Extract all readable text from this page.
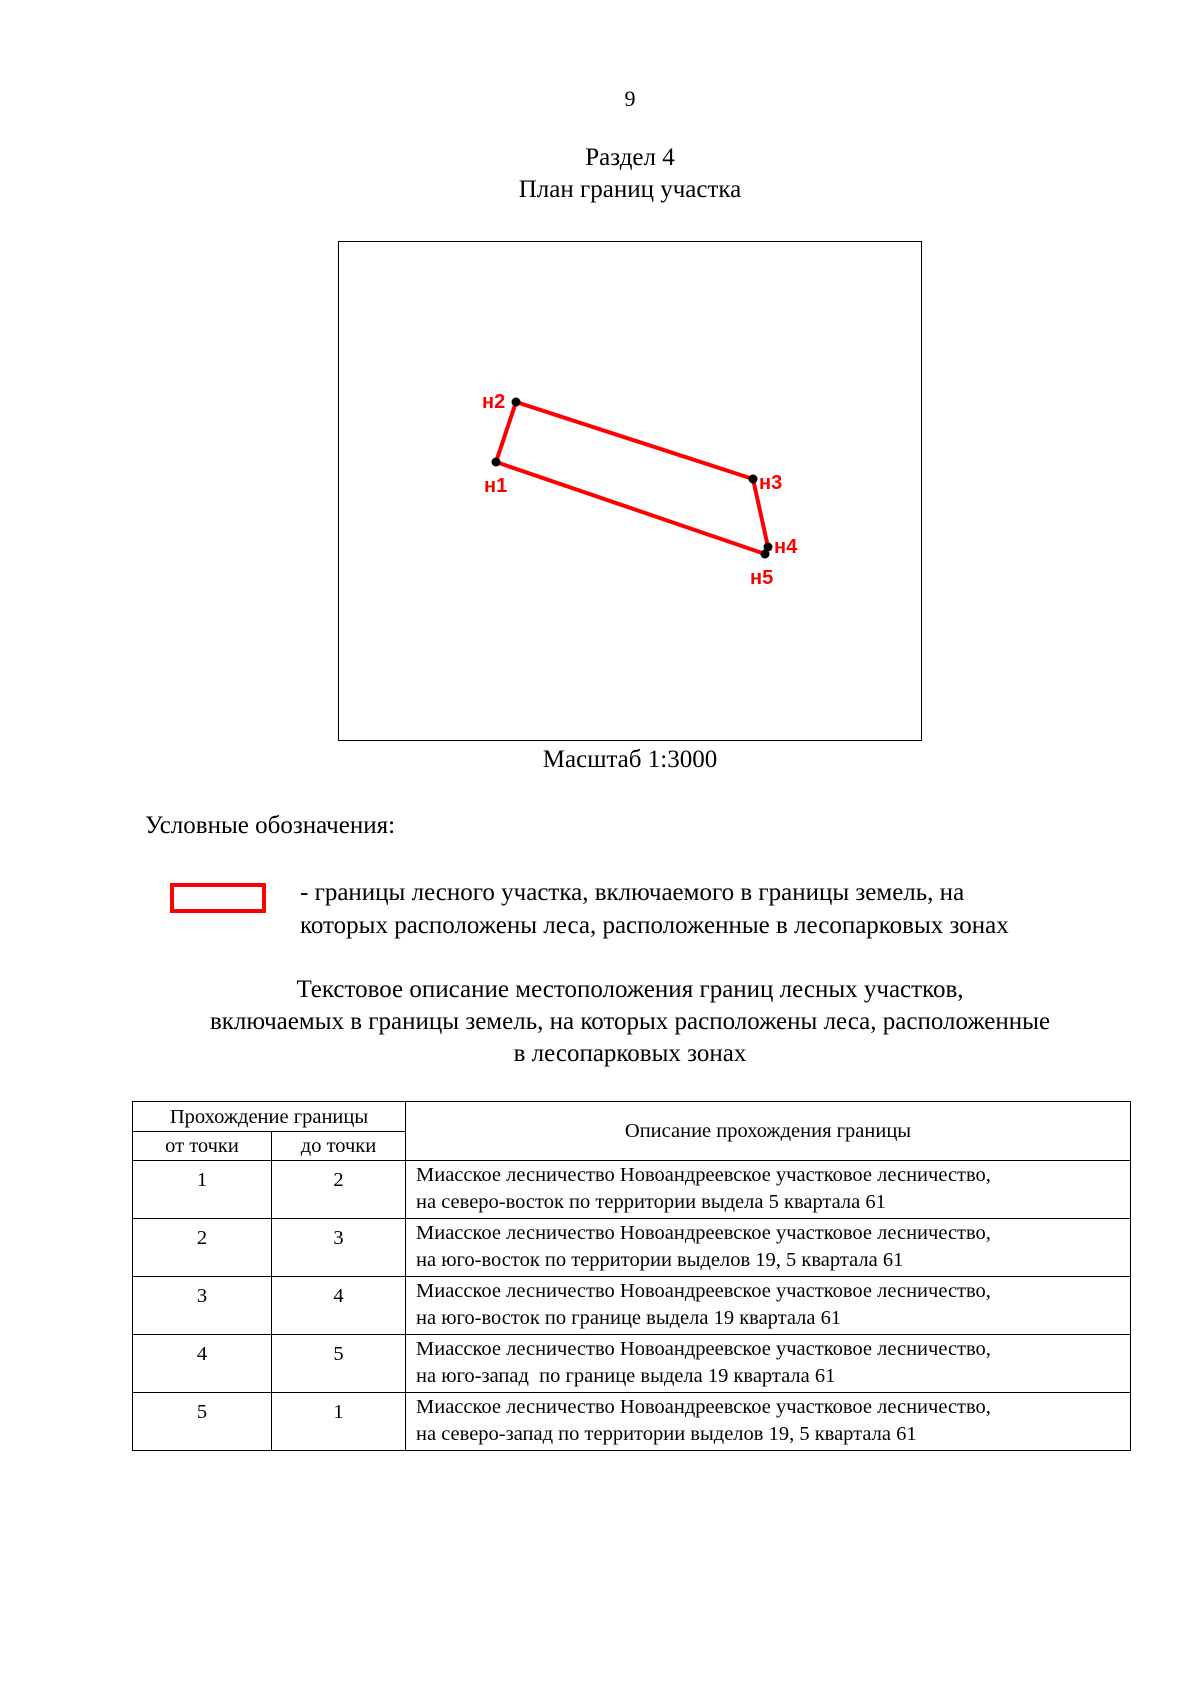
9
Раздел 4
План границ участка
н1
н2
н3
н4
н5
Масштаб 1:3000
Условные обозначения:
- границы лесного участка, включаемого в границы земель, на
которых расположены леса, расположенные в лесопарковых зонах
Текстовое описание местоположения границ лесных участков,
включаемых в границы земель, на которых расположены леса, расположенные
в лесопарковых зонах
Прохождение границы		Описание прохождения границы
от точки	до точки	
1	2	Миасское лесничество Новоандреевское участковое лесничество,
на северо-восток по территории выдела 5 квартала 61

2	3	Миасское лесничество Новоандреевское участковое лесничество,
на юго-восток по территории выделов 19, 5 квартала 61

3	4	Миасское лесничество Новоандреевское участковое лесничество,
на юго-восток по границе выдела 19 квартала 61

4	5	Миасское лесничество Новоандреевское участковое лесничество,
на юго-запад  по границе выдела 19 квартала 61

5	1	Миасское лесничество Новоандреевское участковое лесничество,
на северо-запад по территории выделов 19, 5 квартала 61
